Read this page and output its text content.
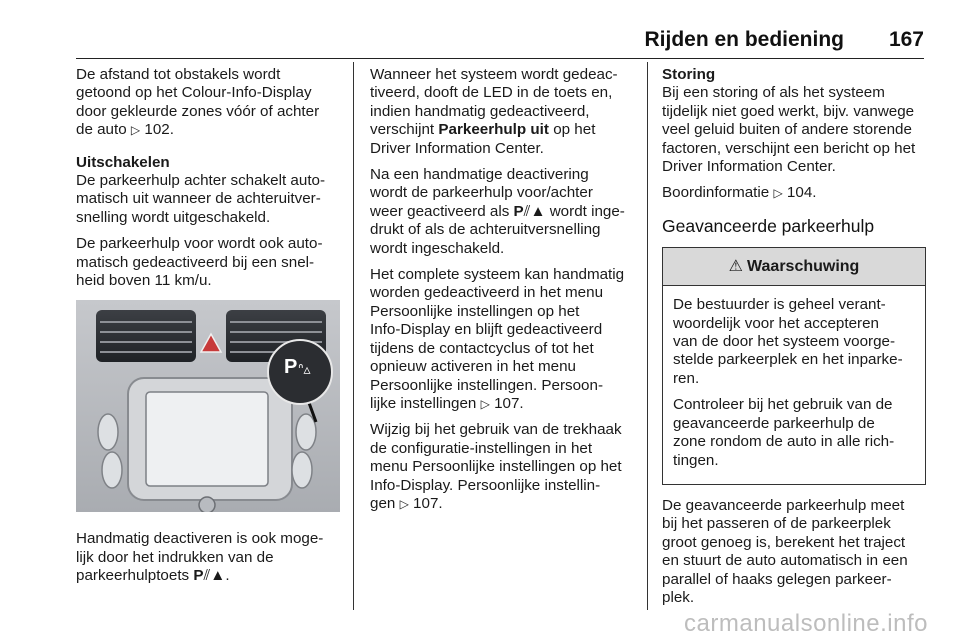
Rijden en bediening 167
De afstand tot obstakels wordt
getoond op het Colour-Info-Display
door gekleurde zones vóór of achter
de auto ▷ 102.
Uitschakelen
De parkeerhulp achter schakelt auto-
matisch uit wanneer de achteruitver-
snelling wordt uitgeschakeld.
De parkeerhulp voor wordt ook auto-
matisch gedeactiveerd bij een snel-
heid boven 11 km/u.
P ᐢ▵
Handmatig deactiveren is ook moge-
lijk door het indrukken van de
parkeerhulptoets P⫽▲.
Wanneer het systeem wordt gedeac-
tiveerd, dooft de LED in de toets en,
indien handmatig gedeactiveerd,
verschijnt Parkeerhulp uit op het
Driver Information Center.
Na een handmatige deactivering
wordt de parkeerhulp voor/achter
weer geactiveerd als P⫽▲ wordt inge-
drukt of als de achteruitversnelling
wordt ingeschakeld.
Het complete systeem kan handmatig
worden gedeactiveerd in het menu
Persoonlijke instellingen op het
Info-Display en blijft gedeactiveerd
tijdens de contactcyclus of tot het
opnieuw activeren in het menu
Persoonlijke instellingen. Persoon-
lijke instellingen ▷ 107.
Wijzig bij het gebruik van de trekhaak
de configuratie-instellingen in het
menu Persoonlijke instellingen op het
Info-Display. Persoonlijke instellin-
gen ▷ 107.
Storing
Bij een storing of als het systeem
tijdelijk niet goed werkt, bijv. vanwege
veel geluid buiten of andere storende
factoren, verschijnt een bericht op het
Driver Information Center.
Boordinformatie ▷ 104.
Geavanceerde parkeerhulp
⚠ Waarschuwing
De bestuurder is geheel verant-
woordelijk voor het accepteren
van de door het systeem voorge-
stelde parkeerplek en het inparke-
ren.
Controleer bij het gebruik van de
geavanceerde parkeerhulp de
zone rondom de auto in alle rich-
tingen.
De geavanceerde parkeerhulp meet
bij het passeren of de parkeerplek
groot genoeg is, berekent het traject
en stuurt de auto automatisch in een
parallel of haaks gelegen parkeer-
plek.
carmanualsonline.info
